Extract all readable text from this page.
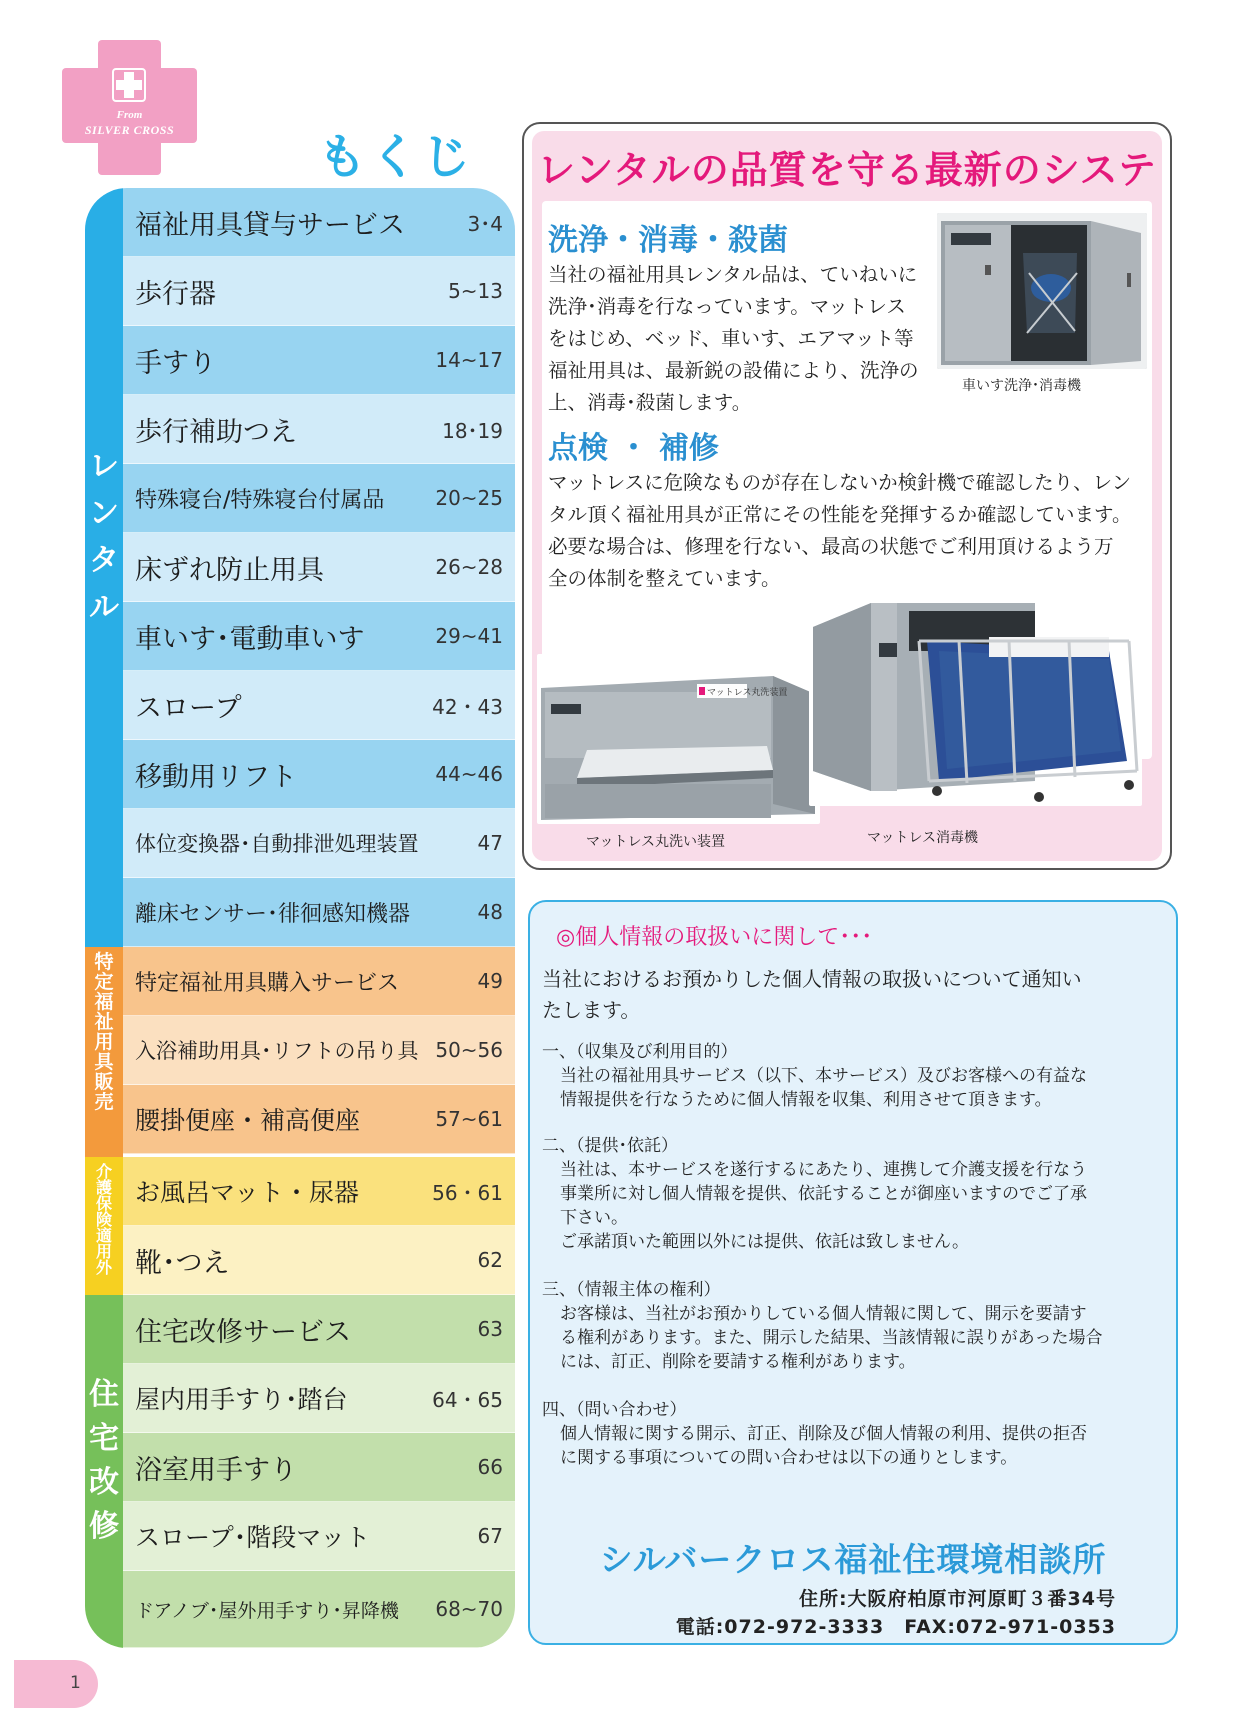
From
SILVER CROSS	もくじ
レ
ン
タ
ル
特
定
福
祉
用
具
販
売
介
護
保
険
適
用
外
住
宅
改
修
福祉用具貸与サービス	3･4
歩行器	5~13
手すり	14~17
歩行補助つえ	18･19
特殊寝台/特殊寝台付属品	20~25
床ずれ防止用具	26~28
車いす･電動車いす	29~41
スロープ	42・43
移動用リフト	44~46
体位変換器･自動排泄処理装置	47
離床センサー･徘徊感知機器	48
特定福祉用具購入サービス	49
入浴補助用具･リフトの吊り具 50~56
腰掛便座・補高便座	57~61
お風呂マット・尿器	56・61
靴･つえ	62
住宅改修サービス	63
屋内用手すり･踏台	64・65
浴室用手すり	66
スロープ･階段マット	67
ドアノブ･屋外用手すり･昇降機	68~70
レンタルの品質を守る最新のシステ
洗浄・消毒・殺菌
当社の福祉用具レンタル品は、ていねいに
洗浄･消毒を行なっています。マットレス
をはじめ、ベッド、車いす、エアマット等
福祉用具は、最新鋭の設備により、洗浄の
上、消毒･殺菌します。
車いす洗浄･消毒機
点検 ・ 補修
マットレスに危険なものが存在しないか検針機で確認したり、レン
タル頂く福祉用具が正常にその性能を発揮するか確認しています。
必要な場合は、修理を行ない、最高の状態でご利用頂けるよう万
全の体制を整えています。
マットレス丸洗装置
マットレス丸洗い装置	マットレス消毒機
◎個人情報の取扱いに関して･･･
当社におけるお預かりした個人情報の取扱いについて通知い
たします。
一、（収集及び利用目的）
当社の福祉用具サービス（以下、本サービス）及びお客様への有益な
情報提供を行なうために個人情報を収集、利用させて頂きます。
二、（提供･依託）
当社は、本サービスを遂行するにあたり、連携して介護支援を行なう
事業所に対し個人情報を提供、依託することが御座いますのでご了承
下さい。
ご承諾頂いた範囲以外には提供、依託は致しません。
三、（情報主体の権利）
お客様は、当社がお預かりしている個人情報に関して、開示を要請す
る権利があります。また、開示した結果、当該情報に誤りがあった場合
には、訂正、削除を要請する権利があります。
四、（問い合わせ）
個人情報に関する開示、訂正、削除及び個人情報の利用、提供の拒否
に関する事項についての問い合わせは以下の通りとします。
シルバークロス福祉住環境相談所
住所:大阪府柏原市河原町３番34号
電話:072-972-3333　FAX:072-971-0353
1
